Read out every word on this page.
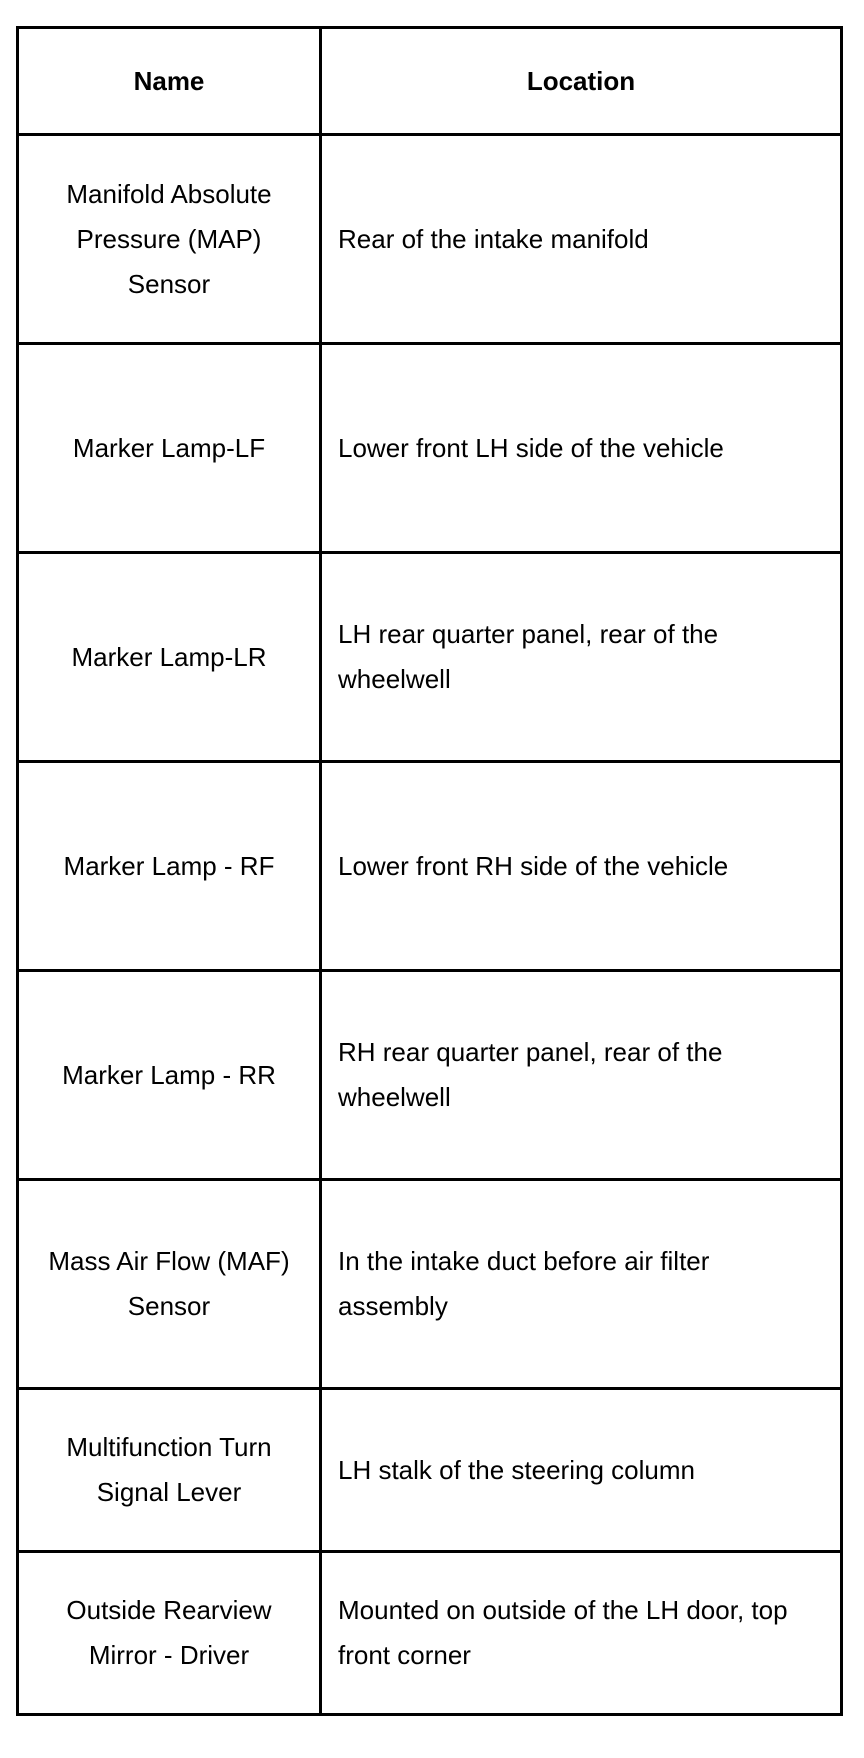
Name	Location
Manifold Absolute Pressure (MAP) Sensor	Rear of the intake manifold
Marker Lamp-LF	Lower front LH side of the vehicle
Marker Lamp-LR	LH rear quarter panel, rear of the wheelwell
Marker Lamp - RF	Lower front RH side of the vehicle
Marker Lamp - RR	RH rear quarter panel, rear of the wheelwell
Mass Air Flow (MAF) Sensor	In the intake duct before air filter assembly
Multifunction Turn Signal Lever	LH stalk of the steering column
Outside Rearview Mirror - Driver	Mounted on outside of the LH door, top front corner
